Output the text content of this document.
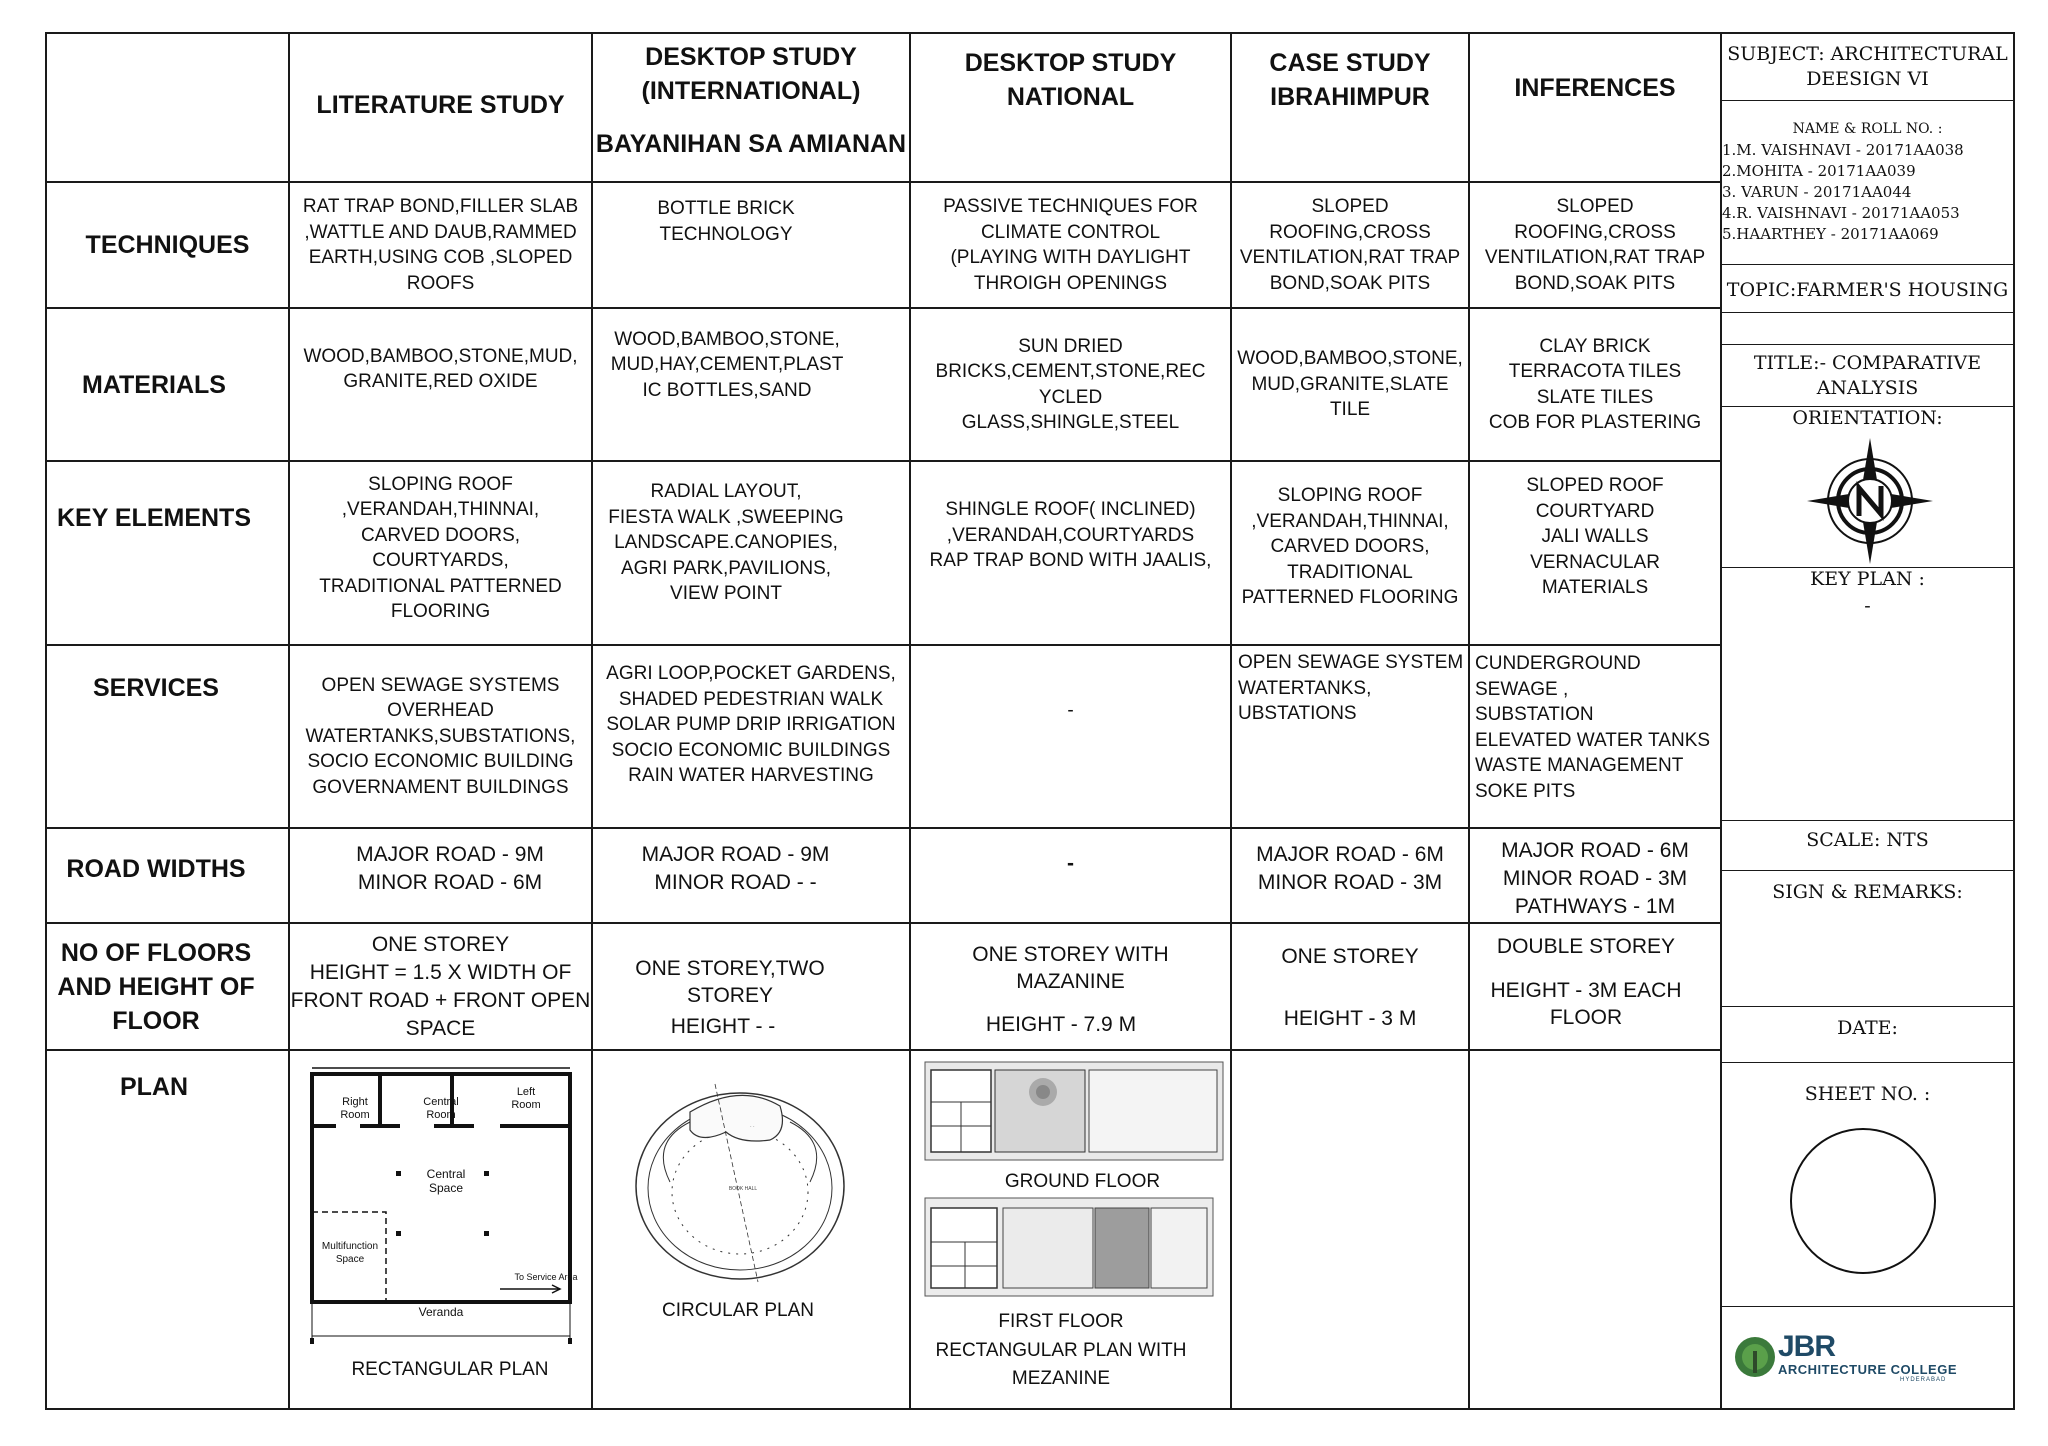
LITERATURE STUDY
DESKTOP STUDY
(INTERNATIONAL)
BAYANIHAN SA AMIANAN
DESKTOP STUDY
NATIONAL
CASE STUDY
IBRAHIMPUR	INFERENCES
TECHNIQUES
MATERIALS
KEY ELEMENTS
SERVICES
ROAD WIDTHS
NO OF FLOORS
AND HEIGHT OF
FLOOR
PLAN
RAT TRAP BOND,FILLER SLAB
,WATTLE AND DAUB,RAMMED
EARTH,USING COB ,SLOPED
ROOFS
BOTTLE BRICK
TECHNOLOGY
PASSIVE TECHNIQUES FOR
CLIMATE CONTROL
(PLAYING WITH DAYLIGHT
THROIGH OPENINGS
SLOPED
ROOFING,CROSS
VENTILATION,RAT TRAP
BOND,SOAK PITS
SLOPED
ROOFING,CROSS
VENTILATION,RAT TRAP
BOND,SOAK PITS
WOOD,BAMBOO,STONE,MUD,
GRANITE,RED OXIDE
WOOD,BAMBOO,STONE,
MUD,HAY,CEMENT,PLAST
IC BOTTLES,SAND
SUN DRIED
BRICKS,CEMENT,STONE,REC
YCLED
GLASS,SHINGLE,STEEL
WOOD,BAMBOO,STONE,
MUD,GRANITE,SLATE
TILE
CLAY BRICK
TERRACOTA TILES
SLATE TILES
COB FOR PLASTERING
SLOPING ROOF
,VERANDAH,THINNAI,
CARVED DOORS,
COURTYARDS,
TRADITIONAL PATTERNED
FLOORING
RADIAL LAYOUT,
FIESTA WALK ,SWEEPING
LANDSCAPE.CANOPIES,
AGRI PARK,PAVILIONS,
VIEW POINT
SHINGLE ROOF( INCLINED)
,VERANDAH,COURTYARDS
RAP TRAP BOND WITH JAALIS,
SLOPING ROOF
,VERANDAH,THINNAI,
CARVED DOORS,
TRADITIONAL
PATTERNED FLOORING
SLOPED ROOF
COURTYARD
JALI WALLS
VERNACULAR
MATERIALS
OPEN SEWAGE SYSTEMS
OVERHEAD
WATERTANKS,SUBSTATIONS,
SOCIO ECONOMIC BUILDING
GOVERNAMENT BUILDINGS
AGRI LOOP,POCKET GARDENS,
SHADED PEDESTRIAN WALK
SOLAR PUMP DRIP IRRIGATION
SOCIO ECONOMIC BUILDINGS
RAIN WATER HARVESTING
-
OPEN SEWAGE SYSTEM
WATERTANKS,
UBSTATIONS
CUNDERGROUND
SEWAGE ,
SUBSTATION
ELEVATED WATER TANKS
WASTE MANAGEMENT
SOKE PITS
MAJOR ROAD - 9M
MINOR ROAD - 6M
MAJOR ROAD - 9M
MINOR ROAD - -
-	MAJOR ROAD - 6M
MINOR ROAD - 3M
MAJOR ROAD - 6M
MINOR ROAD - 3M
PATHWAYS - 1M
ONE STOREY
HEIGHT = 1.5 X WIDTH OF
FRONT ROAD + FRONT OPEN
SPACE
ONE STOREY,TWO
STOREY
HEIGHT - -
ONE STOREY WITH
MAZANINE
HEIGHT - 7.9 M
ONE STOREY
HEIGHT - 3 M
DOUBLE STOREY
HEIGHT - 3M EACH
FLOOR
Right
Room
Central
Room
Left
Room
Central
Space
Multifunction
Space
To Service Area
Veranda
RECTANGULAR PLAN
· ·
BOOK HALL
CIRCULAR PLAN
GROUND FLOOR
FIRST FLOOR
RECTANGULAR PLAN WITH
MEZANINE
SUBJECT: ARCHITECTURAL
DEESIGN VI
NAME & ROLL NO. :
1.M. VAISHNAVI - 20171AA038
2.MOHITA - 20171AA039
3. VARUN - 20171AA044
4.R. VAISHNAVI - 20171AA053
5.HAARTHEY - 20171AA069
TOPIC:FARMER'S HOUSING
TITLE:- COMPARATIVE
ANALYSIS
ORIENTATION:
KEY PLAN :
-
SCALE: NTS
SIGN & REMARKS:
DATE:
SHEET NO. :
JBR
ARCHITECTURE COLLEGE
HYDERABAD
